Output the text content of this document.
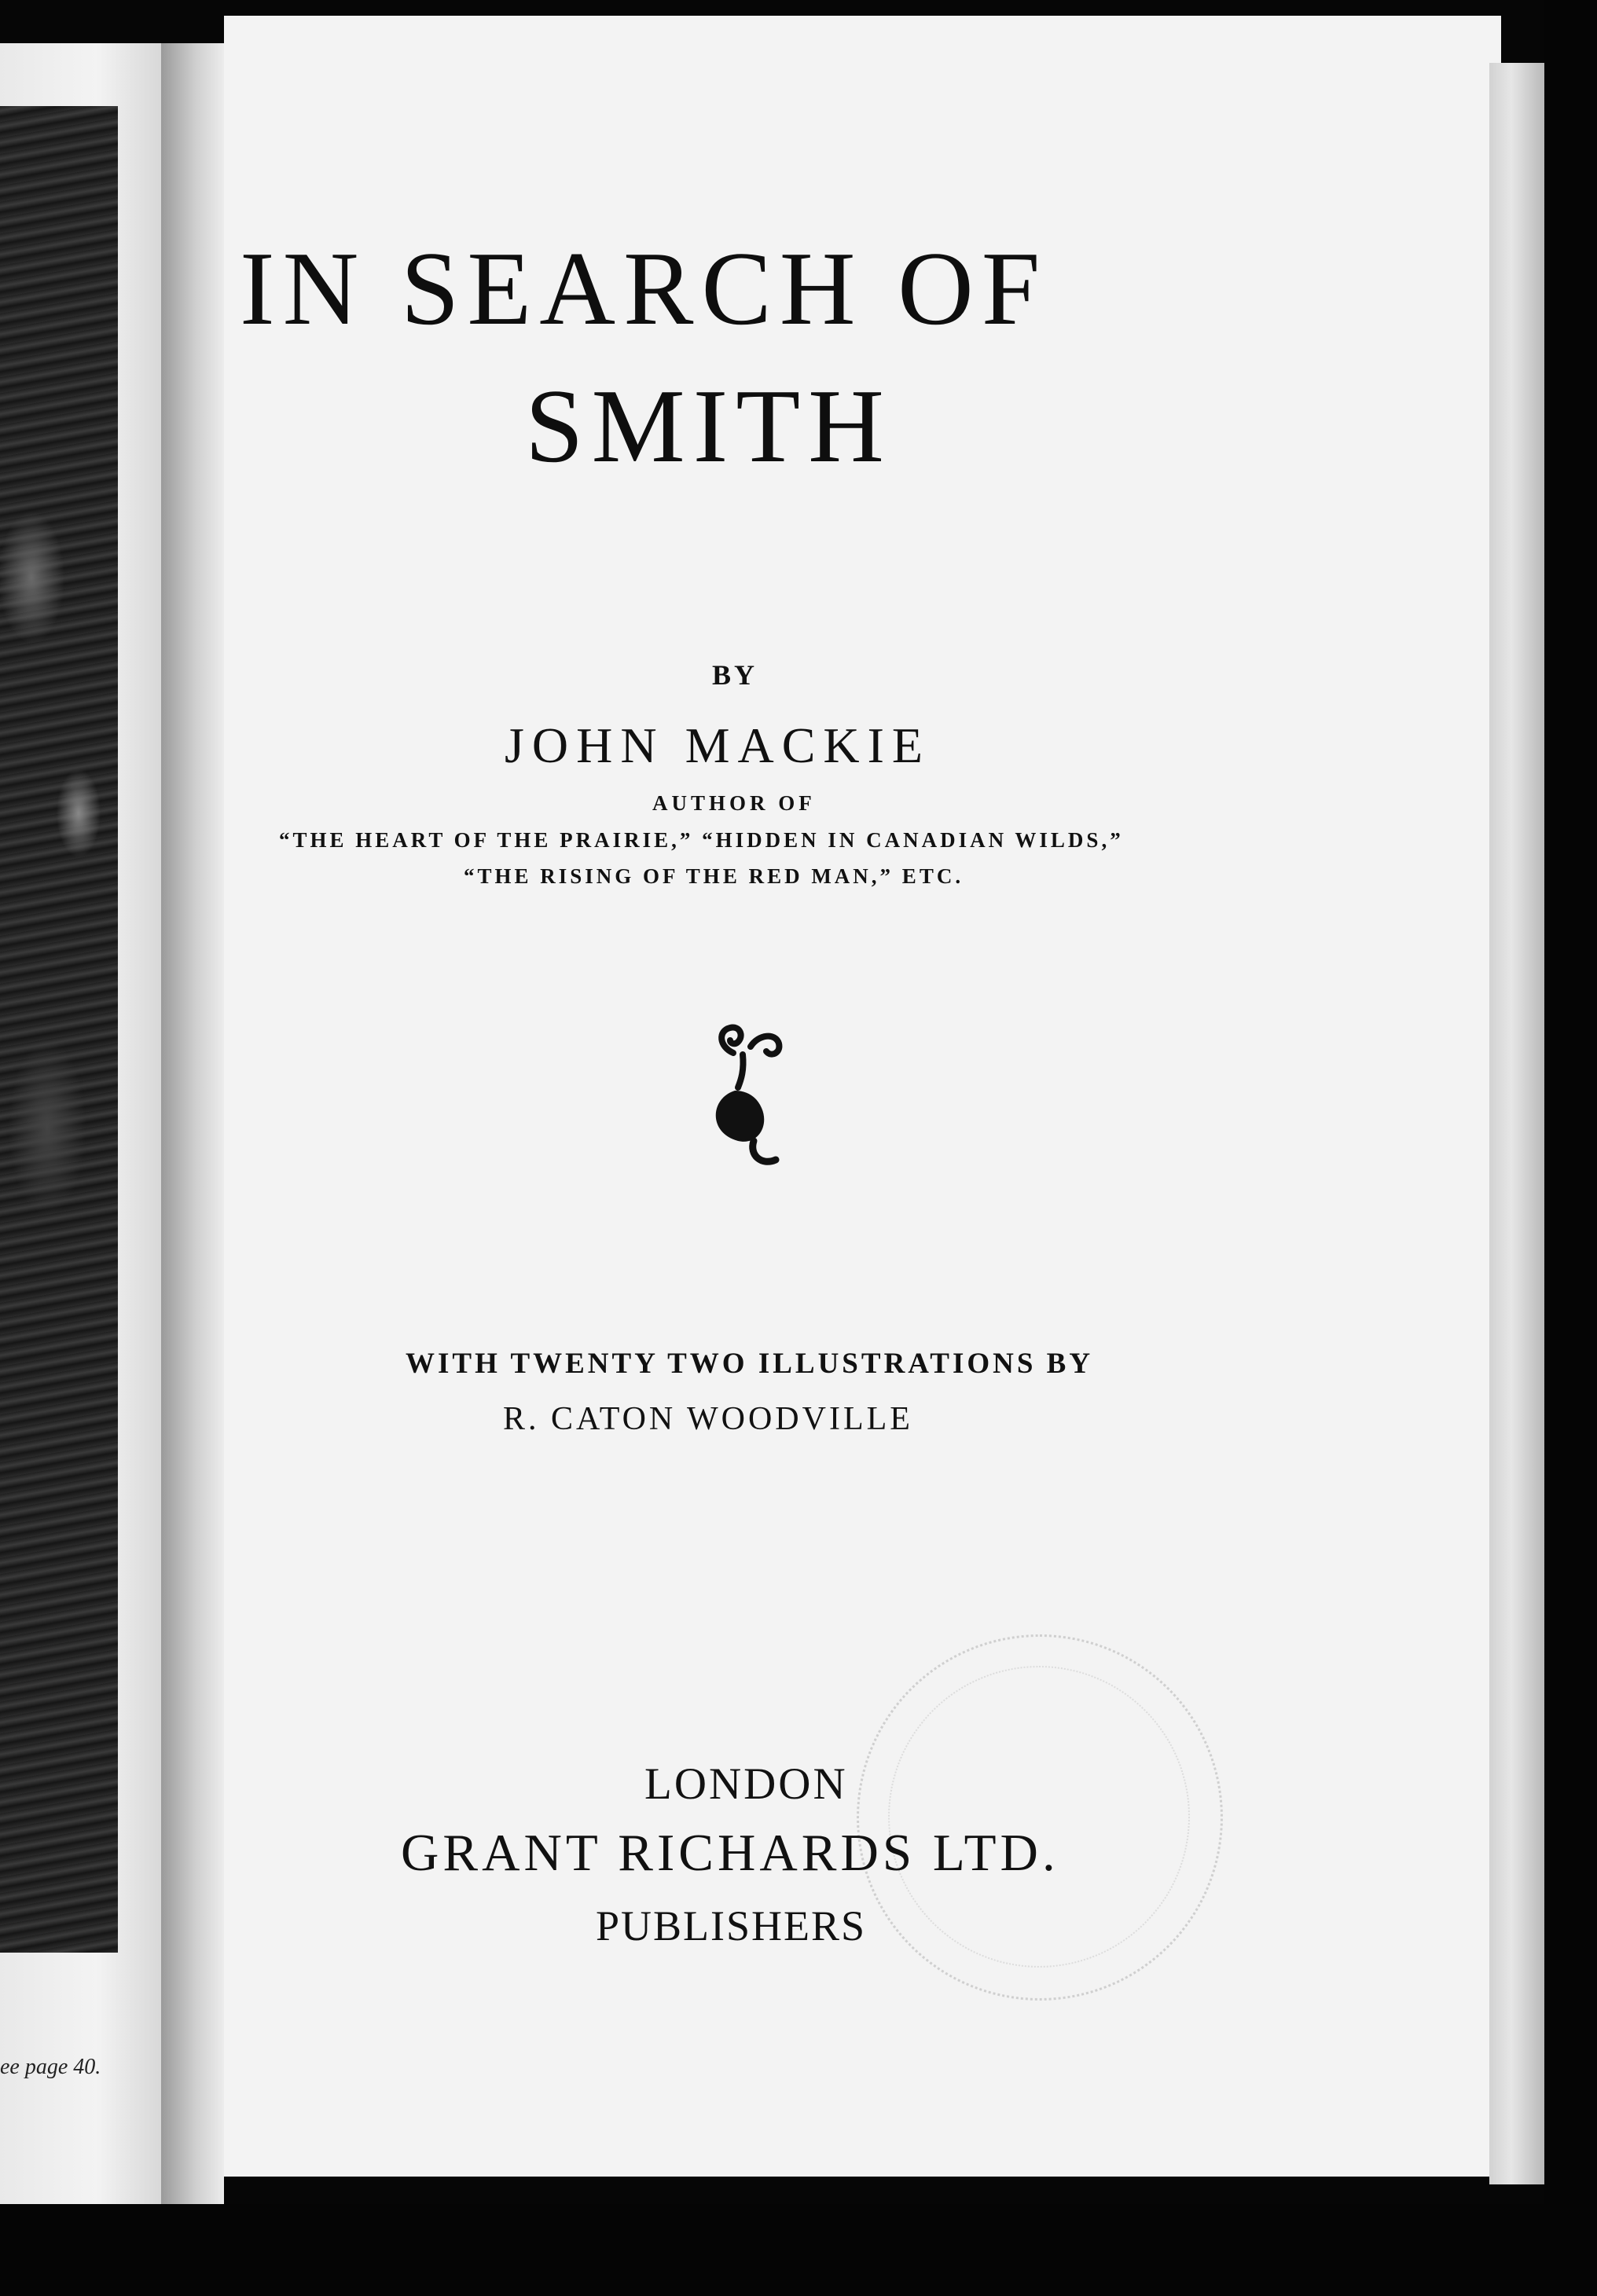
ee page 40.
IN SEARCH OF
SMITH
BY
JOHN MACKIE
AUTHOR OF
“THE HEART OF THE PRAIRIE,” “HIDDEN IN CANADIAN WILDS,”
“THE RISING OF THE RED MAN,” ETC.
WITH TWENTY TWO ILLUSTRATIONS BY
R. CATON WOODVILLE
LONDON
GRANT RICHARDS LTD.
PUBLISHERS
